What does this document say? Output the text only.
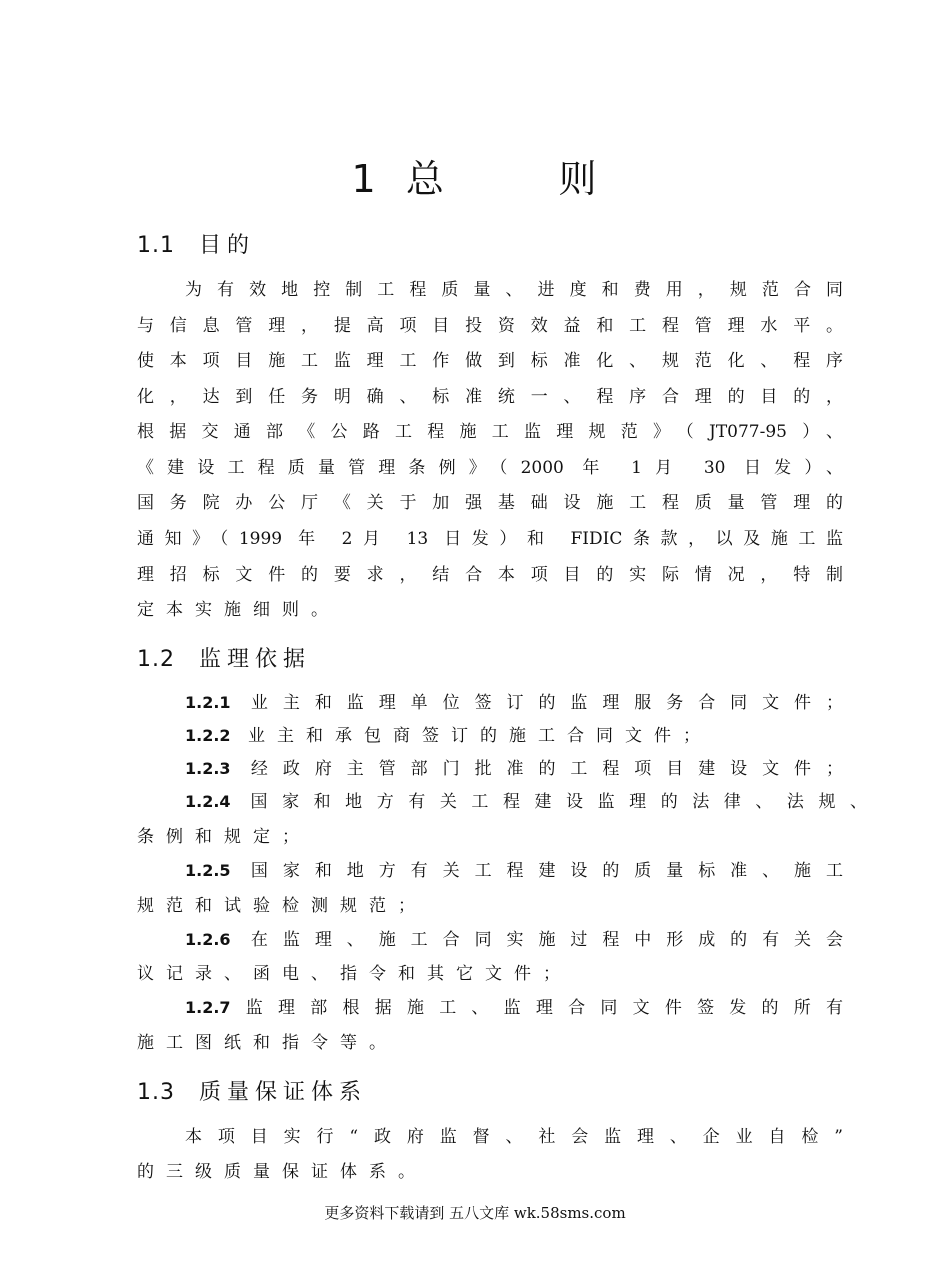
1  总        则
1.1 目的
为有效地控制工程质量、进度和费用，规范合同
与信息管理，提高项目投资效益和工程管理水平。
使本项目施工监理工作做到标准化、规范化、程序
化，达到任务明确、标准统一、程序合理的目的，
根据交通部《公路工程施工监理规范》（JT077-95）、
《建设工程质量管理条例》（2000 年 1月 30 日发）、
国务院办公厅《关于加强基础设施工程质量管理的
通知》（1999 年 2月 13 日发）和 FIDIC条款，以及施工监
理招标文件的要求，结合本项目的实际情况，特制
定本实施细则。
1.2 监理依据
1.2.1 业主和监理单位签订的监理服务合同文件；
1.2.2 业主和承包商签订的施工合同文件；
1.2.3 经政府主管部门批准的工程项目建设文件；
1.2.4 国家和地方有关工程建设监理的法律、法规、
条例和规定；
1.2.5 国家和地方有关工程建设的质量标准、施工
规范和试验检测规范；
1.2.6 在监理、施工合同实施过程中形成的有关会
议记录、函电、指令和其它文件；
1.2.7监理部根据施工、监理合同文件签发的所有
施工图纸和指令等。
1.3 质量保证体系
本项目实行“政府监督、社会监理、企业自检”
的三级质量保证体系。
更多资料下载请到 五八文库 wk.58sms.com
